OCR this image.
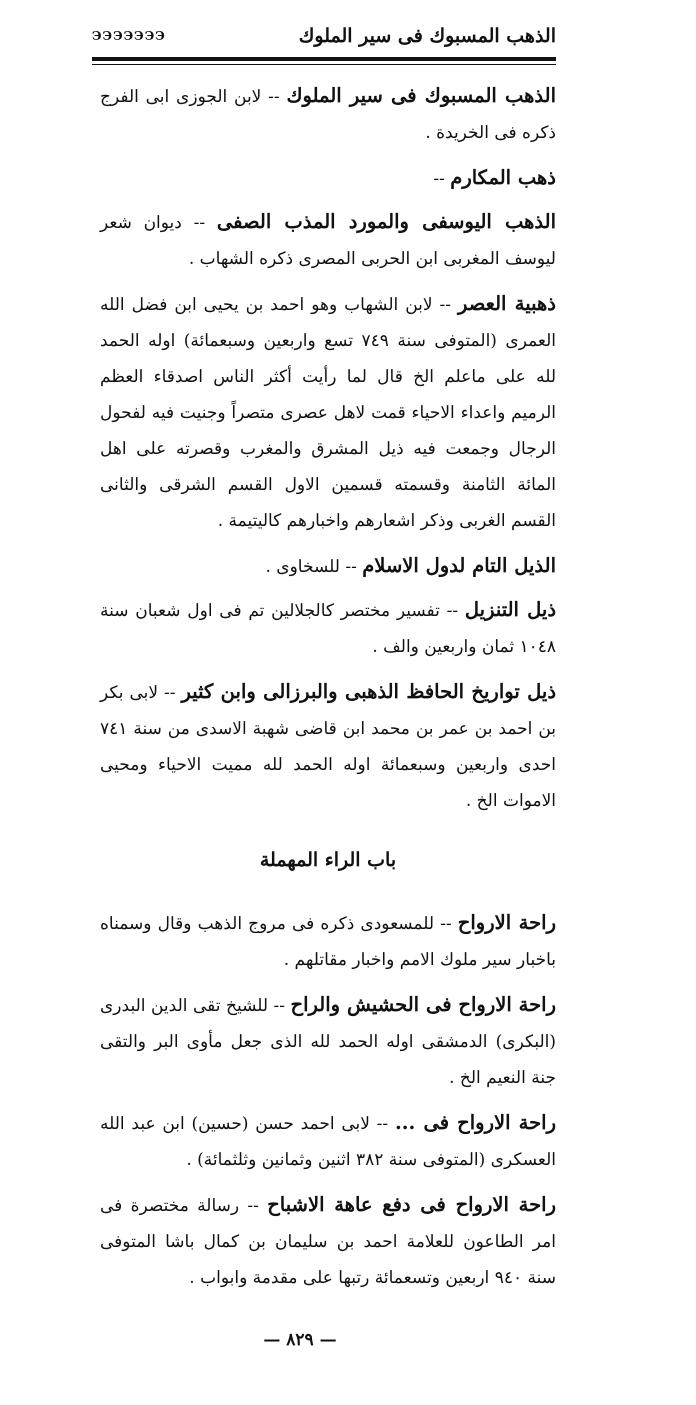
ЭЭЭЭЭЭЭ	الذهب المسبوك فى سير الملوك

الذهب المسبوك فى سير الملوك -- لابن الجوزى ابى الفرج ذكره فى الخريدة .

ذهب المكارم --

الذهب اليوسفى والمورد المذب الصفى -- ديوان شعر ليوسف المغربى ابن الحربى المصرى ذكره الشهاب .

ذهبية العصر -- لابن الشهاب وهو احمد بن يحيى ابن فضل الله العمرى (المتوفى سنة ٧٤٩ تسع واربعين وسبعمائة) اوله الحمد لله على ماعلم الخ قال لما رأيت أكثر الناس اصدقاء العظم الرميم واعداء الاحياء قمت لاهل عصرى متصراً وجنيت فيه لفحول الرجال وجمعت فيه ذيل المشرق والمغرب وقصرته على اهل المائة الثامنة وقسمته قسمين الاول القسم الشرقى والثانى القسم الغربى وذكر اشعارهم واخبارهم كاليتيمة .

الذيل التام لدول الاسلام -- للسخاوى .

ذيل التنزيل -- تفسير مختصر كالجلالين تم فى اول شعبان سنة ١٠٤٨ ثمان واربعين والف .

ذيل تواريخ الحافظ الذهبى والبرزالى وابن كثير -- لابى بكر بن احمد بن عمر بن محمد ابن قاضى شهبة الاسدى من سنة ٧٤١ احدى واربعين وسبعمائة اوله الحمد لله مميت الاحياء ومحيى الاموات الخ .

باب الراء المهملة

راحة الارواح -- للمسعودى ذكره فى مروج الذهب وقال وسمناه باخبار سير ملوك الامم واخبار مقاتلهم .

راحة الارواح فى الحشيش والراح -- للشيخ تقى الدين البدرى (البكرى) الدمشقى اوله الحمد لله الذى جعل مأوى البر والتقى جنة النعيم الخ .

راحة الارواح فى ... -- لابى احمد حسن (حسين) ابن عبد الله العسكرى (المتوفى سنة ٣٨٢ اثنين وثمانين وثلثمائة) .

راحة الارواح فى دفع عاهة الاشباح -- رسالة مختصرة فى امر الطاعون للعلامة احمد بن سليمان بن كمال باشا المتوفى سنة ٩٤٠ اربعين وتسعمائة رتبها على مقدمة وابواب .

— ٨٢٩ —
